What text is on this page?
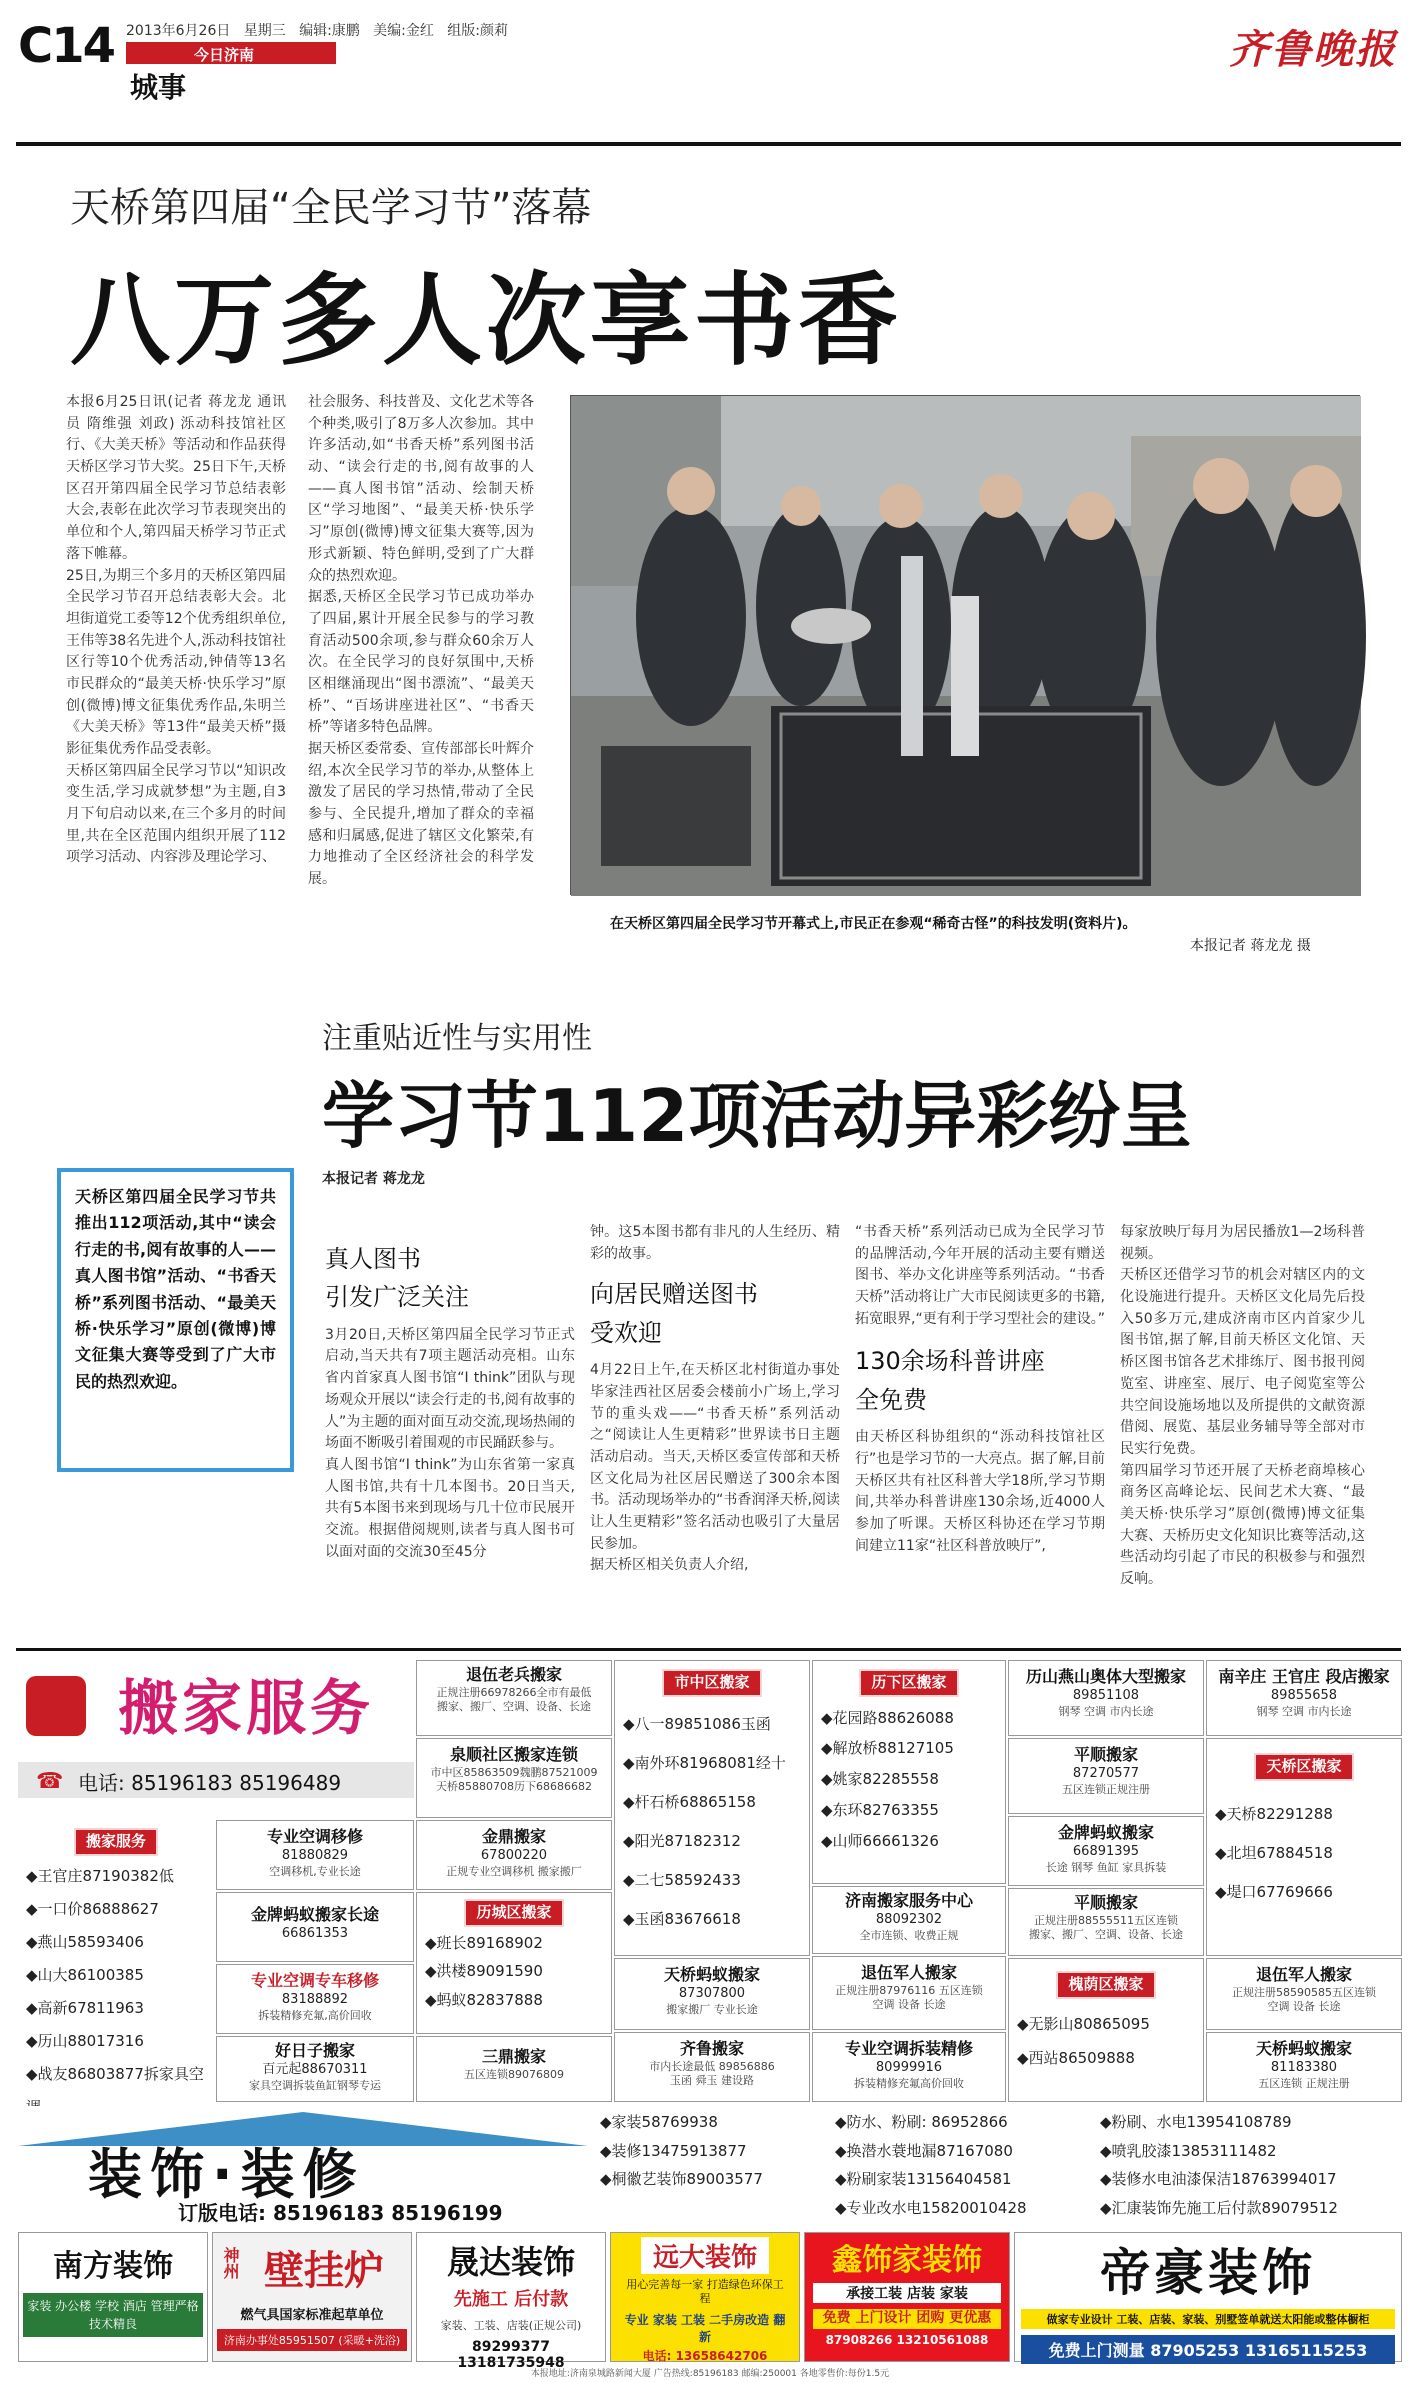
C14 2013年6月26日 星期三 编辑:康鹏 美编:金红 组版:颜莉
今日济南
城事
齐鲁晚报
天桥第四届“全民学习节”落幕
八万多人次享书香
本报6月25日讯(记者 蒋龙龙 通讯员 隋维强 刘政) 泺动科技馆社区行、《大美天桥》等活动和作品获得天桥区学习节大奖。25日下午,天桥区召开第四届全民学习节总结表彰大会,表彰在此次学习节表现突出的单位和个人,第四届天桥学习节正式落下帷幕。
25日,为期三个多月的天桥区第四届全民学习节召开总结表彰大会。北坦街道党工委等12个优秀组织单位,王伟等38名先进个人,泺动科技馆社区行等10个优秀活动,钟倩等13名市民群众的“最美天桥·快乐学习”原创(微博)博文征集优秀作品,朱明兰《大美天桥》等13件“最美天桥”摄影征集优秀作品受表彰。
天桥区第四届全民学习节以“知识改变生活,学习成就梦想”为主题,自3月下旬启动以来,在三个多月的时间里,共在全区范围内组织开展了112项学习活动、内容涉及理论学习、
社会服务、科技普及、文化艺术等各个种类,吸引了8万多人次参加。其中许多活动,如“书香天桥”系列图书活动、“读会行走的书,阅有故事的人——真人图书馆”活动、绘制天桥区“学习地图”、“最美天桥·快乐学习”原创(微博)博文征集大赛等,因为形式新颖、特色鲜明,受到了广大群众的热烈欢迎。
据悉,天桥区全民学习节已成功举办了四届,累计开展全民参与的学习教育活动500余项,参与群众60余万人次。在全民学习的良好氛围中,天桥区相继涌现出“图书漂流”、“最美天桥”、“百场讲座进社区”、“书香天桥”等诸多特色品牌。
据天桥区委常委、宣传部部长叶辉介绍,本次全民学习节的举办,从整体上激发了居民的学习热情,带动了全民参与、全民提升,增加了群众的幸福感和归属感,促进了辖区文化繁荣,有力地推动了全区经济社会的科学发展。
在天桥区第四届全民学习节开幕式上,市民正在参观“稀奇古怪”的科技发明(资料片)。
本报记者 蒋龙龙 摄
注重贴近性与实用性
学习节112项活动异彩纷呈
本报记者 蒋龙龙
天桥区第四届全民学习节共推出112项活动,其中“读会行走的书,阅有故事的人——真人图书馆”活动、“书香天桥”系列图书活动、“最美天桥·快乐学习”原创(微博)博文征集大赛等受到了广大市民的热烈欢迎。
真人图书
引发广泛关注
3月20日,天桥区第四届全民学习节正式启动,当天共有7项主题活动亮相。山东省内首家真人图书馆“I think”团队与现场观众开展以“读会行走的书,阅有故事的人”为主题的面对面互动交流,现场热闹的场面不断吸引着围观的市民踊跃参与。
真人图书馆“I think”为山东省第一家真人图书馆,共有十几本图书。20日当天,共有5本图书来到现场与几十位市民展开交流。根据借阅规则,读者与真人图书可以面对面的交流30至45分
钟。这5本图书都有非凡的人生经历、精彩的故事。
向居民赠送图书
受欢迎
4月22日上午,在天桥区北村街道办事处毕家洼西社区居委会楼前小广场上,学习节的重头戏——“书香天桥”系列活动之“阅读让人生更精彩”世界读书日主题活动启动。当天,天桥区委宣传部和天桥区文化局为社区居民赠送了300余本图书。活动现场举办的“书香润泽天桥,阅读让人生更精彩”签名活动也吸引了大量居民参加。
据天桥区相关负责人介绍,
“书香天桥”系列活动已成为全民学习节的品牌活动,今年开展的活动主要有赠送图书、举办文化讲座等系列活动。“书香天桥”活动将让广大市民阅读更多的书籍,拓宽眼界,“更有利于学习型社会的建设。”
130余场科普讲座
全免费
由天桥区科协组织的“泺动科技馆社区行”也是学习节的一大亮点。据了解,目前天桥区共有社区科普大学18所,学习节期间,共举办科普讲座130余场,近4000人参加了听课。天桥区科协还在学习节期间建立11家“社区科普放映厅”,
每家放映厅每月为居民播放1—2场科普视频。
天桥区还借学习节的机会对辖区内的文化设施进行提升。天桥区文化局先后投入50多万元,建成济南市区内首家少儿图书馆,据了解,目前天桥区文化馆、天桥区图书馆各艺术排练厅、图书报刊阅览室、讲座室、展厅、电子阅览室等公共空间设施场地以及所提供的文献资源借阅、展览、基层业务辅导等全部对市民实行免费。
第四届学习节还开展了天桥老商埠核心商务区高峰论坛、民间艺术大赛、“最美天桥·快乐学习”原创(微博)博文征集大赛、天桥历史文化知识比赛等活动,这些活动均引起了市民的积极参与和强烈反响。
搬家服务
☎ 电话: 85196183 85196489
搬家服务
◆王官庄87190382低
◆一口价86888627
◆燕山58593406
◆山大86100385
◆高新67811963
◆历山88017316
◆战友86803877拆家具空
专业空调移修
81880829
空调移机,专业长途
金牌蚂蚁搬家长途
66861353
专业空调专车移修
83188892
拆装精修充氟,高价回收
好日子搬家
百元起88670311
家具空调拆装鱼缸钢琴专运
退伍老兵搬家
正规注册66978266全市有最低
搬家、搬厂、空调、设备、长途
泉顺社区搬家连锁
市中区85863509魏鹏87521009
天桥85880708历下68686682
金鼎搬家
67800220
正规专业空调移机 搬家搬厂
历城区搬家
◆班长89168902
◆洪楼89091590
◆蚂蚁82837888
三鼎搬家
五区连锁89076809
市中区搬家
◆八一89851086玉函
◆南外环81968081经十
◆杆石桥68865158
◆阳光87182312
◆二七58592433
◆玉函83676618
天桥蚂蚁搬家
87307800
搬家搬厂 专业长途
齐鲁搬家
市内长途最低 89856886
玉函 舜玉 建设路
历下区搬家
◆花园路88626088
◆解放桥88127105
◆姚家82285558
◆东环82763355
◆山师66661326
济南搬家服务中心
88092302
全市连锁、收费正规
退伍军人搬家
正规注册87976116 五区连锁
空调 设备 长途
专业空调拆装精修
80999916
拆装精修充氟高价回收
历山燕山奥体大型搬家
89851108
钢琴 空调 市内长途
平顺搬家
87270577
五区连锁正规注册
金牌蚂蚁搬家
66891395
长途 钢琴 鱼缸 家具拆装
平顺搬家
正规注册88555511五区连锁
搬家、搬厂、空调、设备、长途
槐荫区搬家
◆无影山80865095
◆西站86509888
南辛庄 王官庄 段店搬家
89855658
钢琴 空调 市内长途
天桥区搬家
◆天桥82291288
◆北坦67884518
◆堤口67769666
退伍军人搬家
正规注册58590585五区连锁
空调 设备 长途
天桥蚂蚁搬家
81183380
五区连锁 正规注册
装饰·装修
订版电话: 85196183 85196199
◆家装58769938
◆装修13475913877
◆桐徽艺装饰89003577
◆防水、粉刷: 86952866
◆换潜水蓑地漏87167080
◆粉刷家装13156404581
◆专业改水电15820010428
◆粉刷、水电13954108789
◆喷乳胶漆13853111482
◆装修水电油漆保洁18763994017
◆汇康装饰先施工后付款89079512
南方装饰
家装 办公楼 学校 酒店 管理严格 技术精良
神州 壁挂炉
燃气具国家标准起草单位
济南办事处85951507 (采暖+洗浴)
晟达装饰
先施工 后付款
家装、工装、店装(正规公司)
89299377 13181735948
远大装饰
用心完善每一家 打造绿色环保工程
专业 家装 工装 二手房改造 翻新
电话: 13658642706
鑫饰家装饰
承接工装 店装 家装
免费 上门设计 团购 更优惠
87908266 13210561088
帝豪装饰
做家专业设计 工装、店装、家装、别墅签单就送太阳能或整体橱柜
免费上门测量 87905253 13165115253
本报地址:济南泉城路新闻大厦 广告热线:85196183 邮编:250001 各地零售价:每份1.5元
